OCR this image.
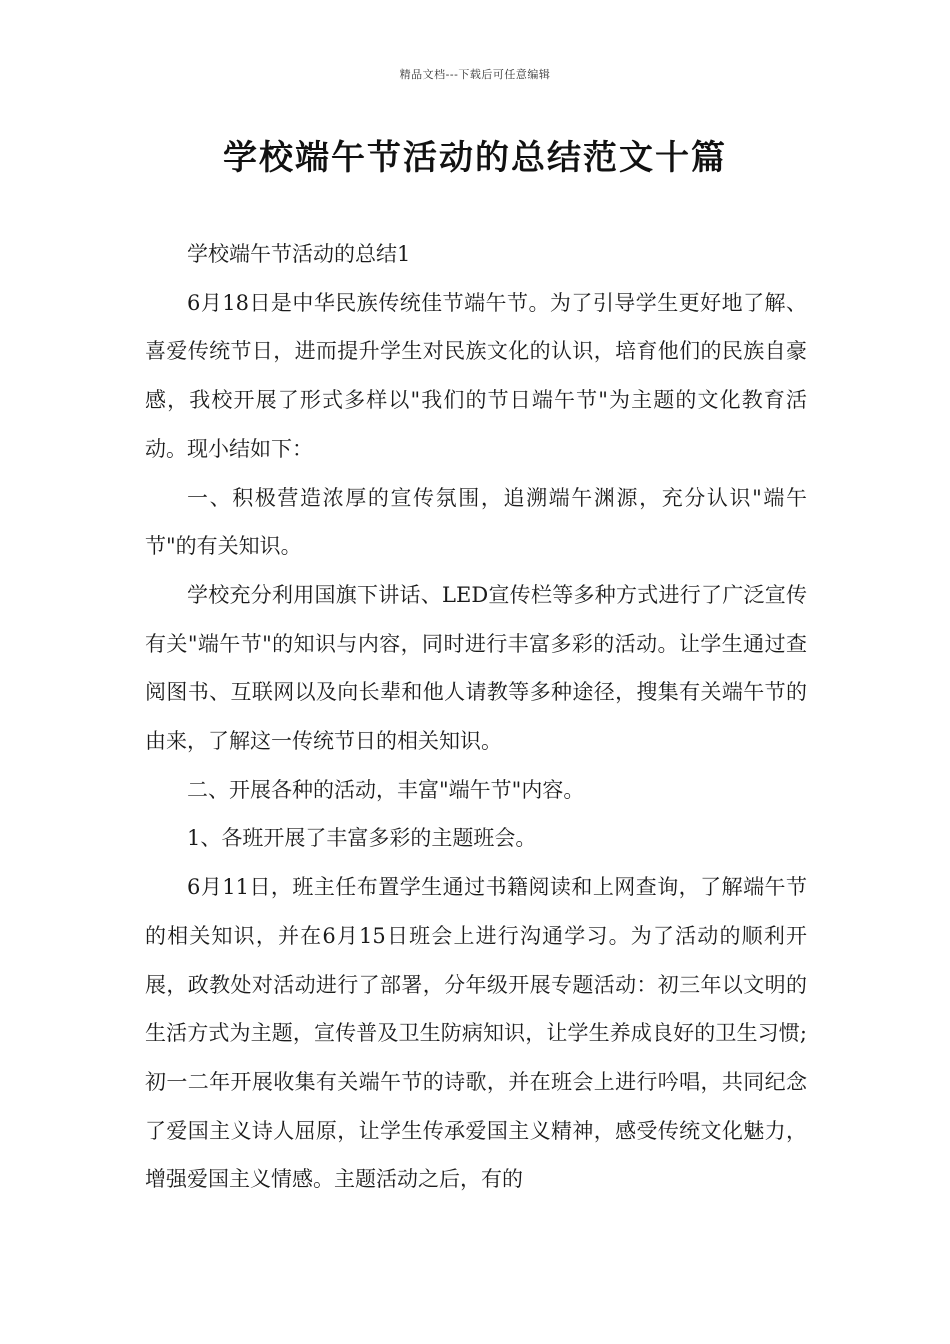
精品文档---下载后可任意编辑
学校端午节活动的总结范文十篇

学校端午节活动的总结1

6月18日是中华民族传统佳节端午节。为了引导学生更好地了解、喜爱传统节日，进而提升学生对民族文化的认识，培育他们的民族自豪感，我校开展了形式多样以"我们的节日端午节"为主题的文化教育活动。现小结如下：

一、积极营造浓厚的宣传氛围，追溯端午渊源，充分认识"端午节"的有关知识。

学校充分利用国旗下讲话、LED宣传栏等多种方式进行了广泛宣传有关"端午节"的知识与内容，同时进行丰富多彩的活动。让学生通过查阅图书、互联网以及向长辈和他人请教等多种途径，搜集有关端午节的由来，了解这一传统节日的相关知识。

二、开展各种的活动，丰富"端午节"内容。

1、各班开展了丰富多彩的主题班会。

6月11日，班主任布置学生通过书籍阅读和上网查询，了解端午节的相关知识，并在6月15日班会上进行沟通学习。为了活动的顺利开展，政教处对活动进行了部署，分年级开展专题活动：初三年以文明的生活方式为主题，宣传普及卫生防病知识，让学生养成良好的卫生习惯;初一二年开展收集有关端午节的诗歌，并在班会上进行吟唱，共同纪念了爱国主义诗人屈原，让学生传承爱国主义精神，感受传统文化魅力，增强爱国主义情感。主题活动之后，有的
